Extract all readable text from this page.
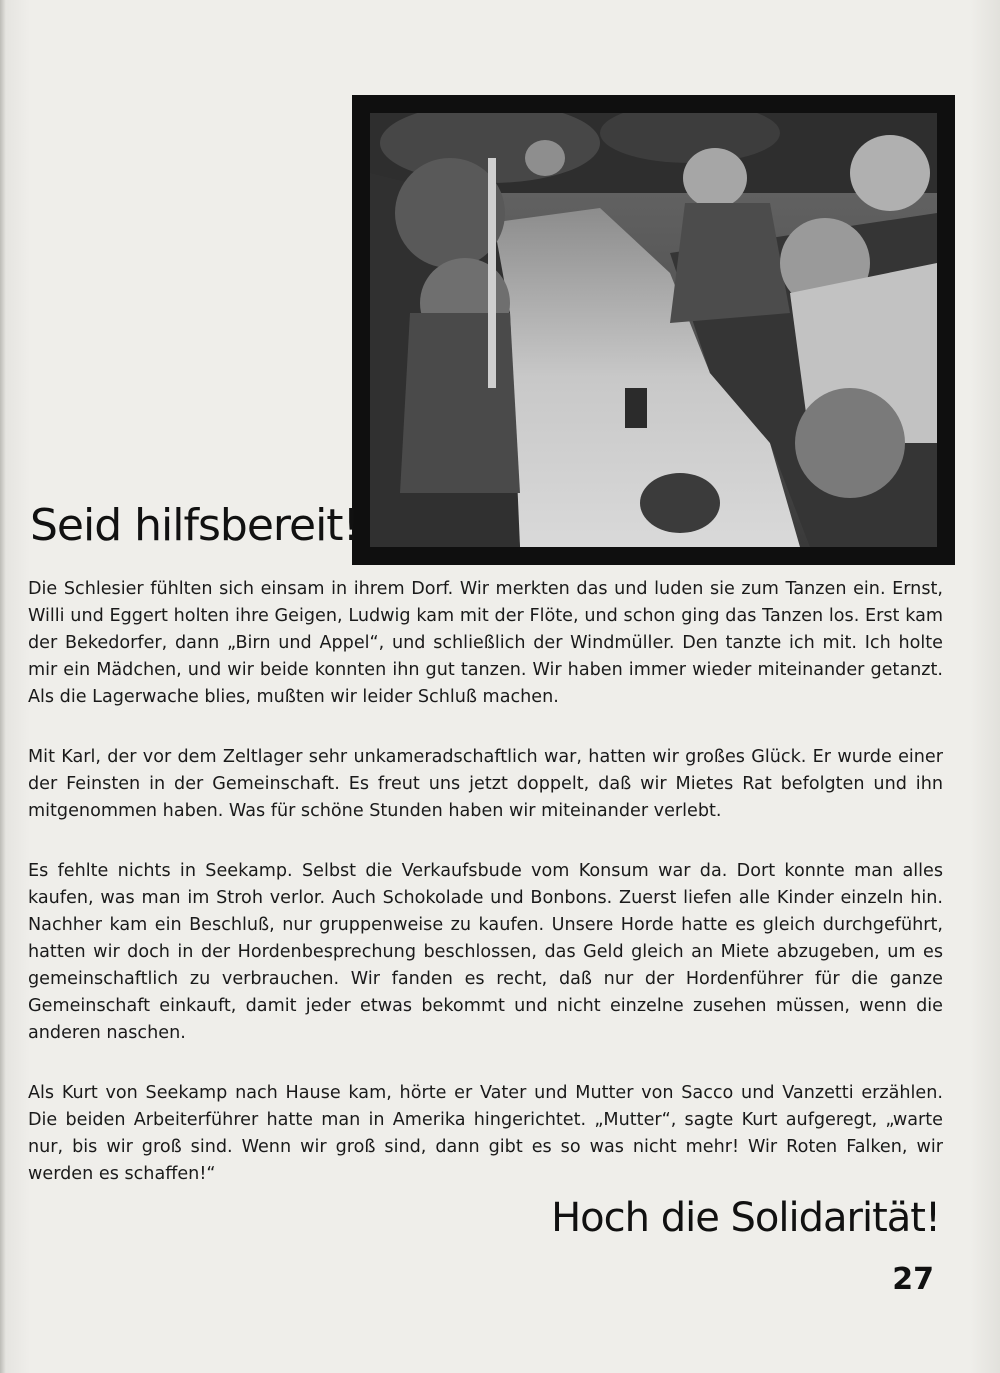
Seid hilfsbereit!

Die Schlesier fühlten sich einsam in ihrem Dorf. Wir merkten das und luden sie zum Tanzen ein. Ernst, Willi und Eggert holten ihre Geigen, Ludwig kam mit der Flöte, und schon ging das Tanzen los. Erst kam der Bekedorfer, dann „Birn und Appel“, und schließlich der Windmüller. Den tanzte ich mit. Ich holte mir ein Mädchen, und wir beide konnten ihn gut tanzen. Wir haben immer wieder miteinander getanzt. Als die Lagerwache blies, mußten wir leider Schluß machen.

Mit Karl, der vor dem Zeltlager sehr unkameradschaftlich war, hatten wir großes Glück. Er wurde einer der Feinsten in der Gemeinschaft. Es freut uns jetzt doppelt, daß wir Mietes Rat befolgten und ihn mitgenommen haben. Was für schöne Stunden haben wir miteinander verlebt.

Es fehlte nichts in Seekamp. Selbst die Verkaufsbude vom Konsum war da. Dort konnte man alles kaufen, was man im Stroh verlor. Auch Schokolade und Bonbons. Zuerst liefen alle Kinder einzeln hin. Nachher kam ein Beschluß, nur gruppenweise zu kaufen. Unsere Horde hatte es gleich durchgeführt, hatten wir doch in der Hordenbesprechung beschlossen, das Geld gleich an Miete abzugeben, um es gemeinschaftlich zu verbrauchen. Wir fanden es recht, daß nur der Hordenführer für die ganze Gemeinschaft einkauft, damit jeder etwas bekommt und nicht einzelne zusehen müssen, wenn die anderen naschen.

Als Kurt von Seekamp nach Hause kam, hörte er Vater und Mutter von Sacco und Vanzetti erzählen. Die beiden Arbeiterführer hatte man in Amerika hingerichtet. „Mutter“, sagte Kurt aufgeregt, „warte nur, bis wir groß sind. Wenn wir groß sind, dann gibt es so was nicht mehr! Wir Roten Falken, wir werden es schaffen!“

Hoch die Solidarität!
27
